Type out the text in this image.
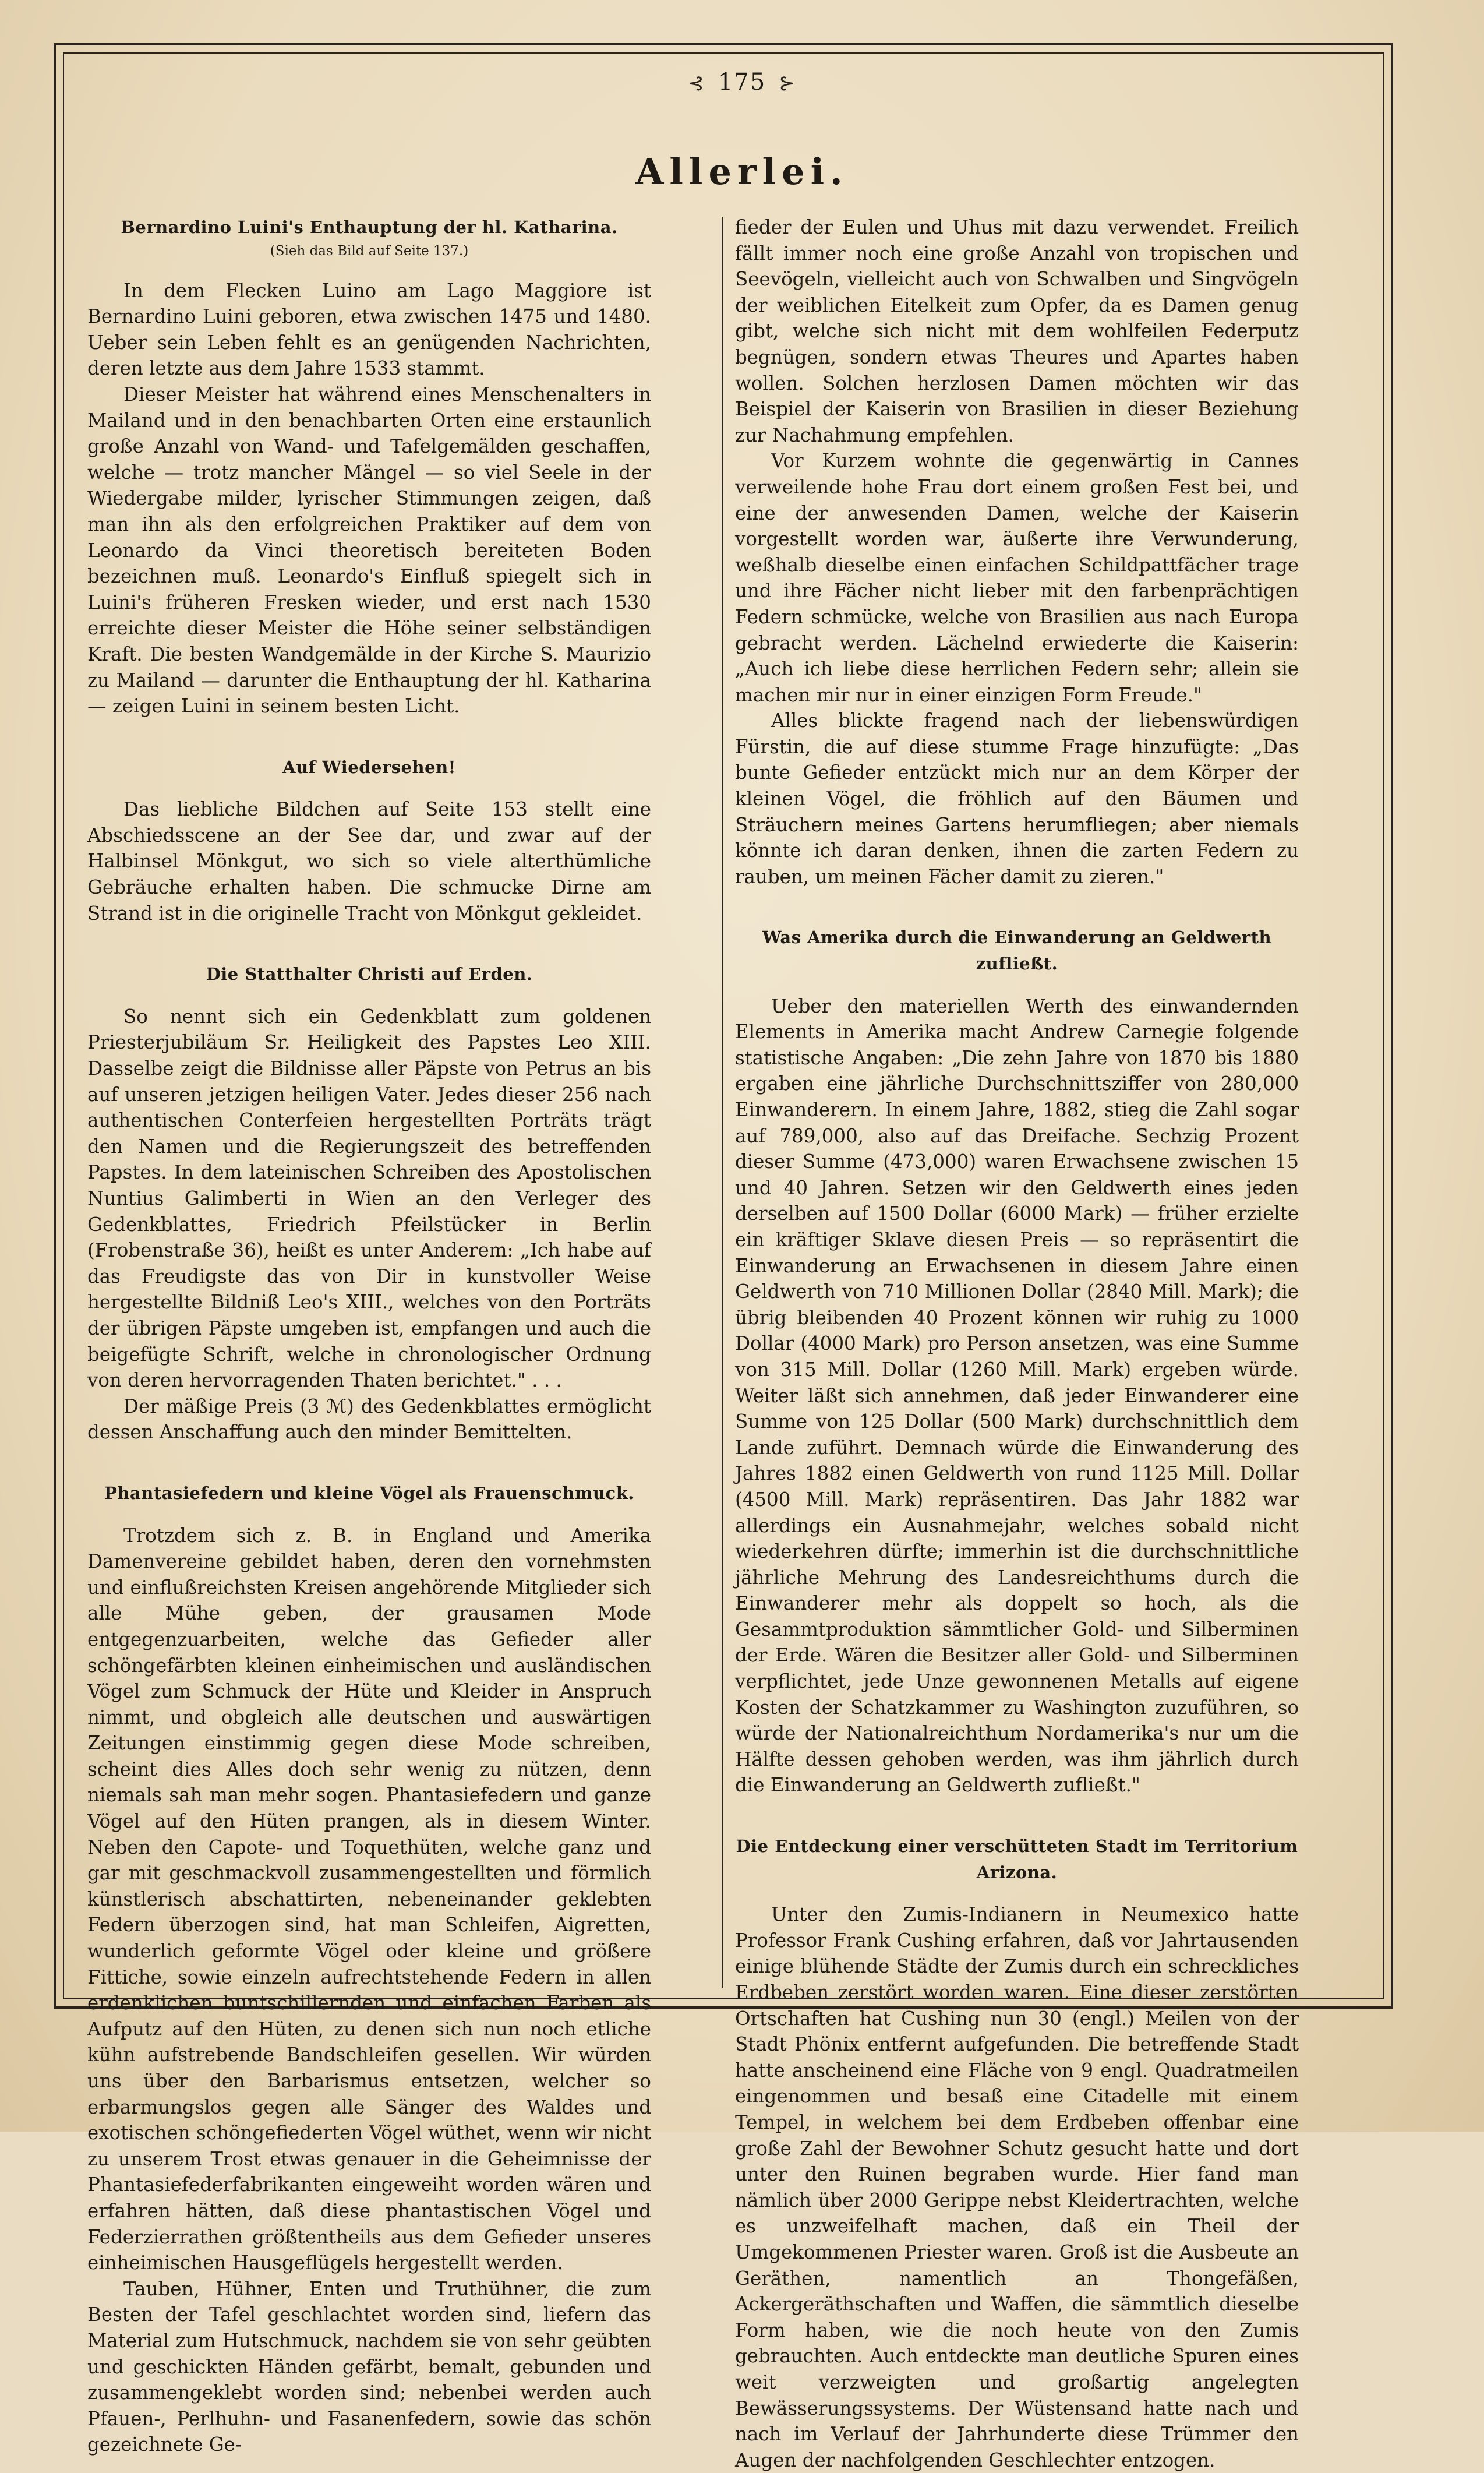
⊰ 175 ⊱
Allerlei.
Bernardino Luini's Enthauptung der hl. Katharina.
(Sieh das Bild auf Seite 137.)

In dem Flecken Luino am Lago Maggiore ist Bernardino Luini geboren, etwa zwischen 1475 und 1480. Ueber sein Leben fehlt es an genügenden Nachrichten, deren letzte aus dem Jahre 1533 stammt.

Dieser Meister hat während eines Menschenalters in Mailand und in den benachbarten Orten eine erstaunlich große Anzahl von Wand- und Tafelgemälden geschaffen, welche — trotz mancher Mängel — so viel Seele in der Wiedergabe milder, lyrischer Stimmungen zeigen, daß man ihn als den erfolgreichen Praktiker auf dem von Leonardo da Vinci theoretisch bereiteten Boden bezeichnen muß. Leonardo's Einfluß spiegelt sich in Luini's früheren Fresken wieder, und erst nach 1530 erreichte dieser Meister die Höhe seiner selbständigen Kraft. Die besten Wandgemälde in der Kirche S. Maurizio zu Mailand — darunter die Enthauptung der hl. Katharina — zeigen Luini in seinem besten Licht.

Auf Wiedersehen!

Das liebliche Bildchen auf Seite 153 stellt eine Abschiedsscene an der See dar, und zwar auf der Halbinsel Mönkgut, wo sich so viele alterthümliche Gebräuche erhalten haben. Die schmucke Dirne am Strand ist in die originelle Tracht von Mönkgut gekleidet.

Die Statthalter Christi auf Erden.

So nennt sich ein Gedenkblatt zum goldenen Priesterjubiläum Sr. Heiligkeit des Papstes Leo XIII. Dasselbe zeigt die Bildnisse aller Päpste von Petrus an bis auf unseren jetzigen heiligen Vater. Jedes dieser 256 nach authentischen Conterfeien hergestellten Porträts trägt den Namen und die Regierungszeit des betreffenden Papstes. In dem lateinischen Schreiben des Apostolischen Nuntius Galimberti in Wien an den Verleger des Gedenkblattes, Friedrich Pfeilstücker in Berlin (Frobenstraße 36), heißt es unter Anderem: „Ich habe auf das Freudigste das von Dir in kunstvoller Weise hergestellte Bildniß Leo's XIII., welches von den Porträts der übrigen Päpste umgeben ist, empfangen und auch die beigefügte Schrift, welche in chronologischer Ordnung von deren hervorragenden Thaten berichtet." . . .

Der mäßige Preis (3 ℳ) des Gedenkblattes ermöglicht dessen Anschaffung auch den minder Bemittelten.

Phantasiefedern und kleine Vögel als Frauenschmuck.

Trotzdem sich z. B. in England und Amerika Damenvereine gebildet haben, deren den vornehmsten und einflußreichsten Kreisen angehörende Mitglieder sich alle Mühe geben, der grausamen Mode entgegenzuarbeiten, welche das Gefieder aller schöngefärbten kleinen einheimischen und ausländischen Vögel zum Schmuck der Hüte und Kleider in Anspruch nimmt, und obgleich alle deutschen und auswärtigen Zeitungen einstimmig gegen diese Mode schreiben, scheint dies Alles doch sehr wenig zu nützen, denn niemals sah man mehr sogen. Phantasiefedern und ganze Vögel auf den Hüten prangen, als in diesem Winter. Neben den Capote- und Toquethüten, welche ganz und gar mit geschmackvoll zusammengestellten und förmlich künstlerisch abschattirten, nebeneinander geklebten Federn überzogen sind, hat man Schleifen, Aigretten, wunderlich geformte Vögel oder kleine und größere Fittiche, sowie einzeln aufrechtstehende Federn in allen erdenklichen buntschillernden und einfachen Farben als Aufputz auf den Hüten, zu denen sich nun noch etliche kühn aufstrebende Bandschleifen gesellen. Wir würden uns über den Barbarismus entsetzen, welcher so erbarmungslos gegen alle Sänger des Waldes und exotischen schöngefiederten Vögel wüthet, wenn wir nicht zu unserem Trost etwas genauer in die Geheimnisse der Phantasiefederfabrikanten eingeweiht worden wären und erfahren hätten, daß diese phantastischen Vögel und Federzierrathen größtentheils aus dem Gefieder unseres einheimischen Hausgeflügels hergestellt werden.

Tauben, Hühner, Enten und Truthühner, die zum Besten der Tafel geschlachtet worden sind, liefern das Material zum Hutschmuck, nachdem sie von sehr geübten und geschickten Händen gefärbt, bemalt, gebunden und zusammengeklebt worden sind; nebenbei werden auch Pfauen-, Perlhuhn- und Fasanenfedern, sowie das schön gezeichnete Ge-

fieder der Eulen und Uhus mit dazu verwendet. Freilich fällt immer noch eine große Anzahl von tropischen und Seevögeln, vielleicht auch von Schwalben und Singvögeln der weiblichen Eitelkeit zum Opfer, da es Damen genug gibt, welche sich nicht mit dem wohlfeilen Federputz begnügen, sondern etwas Theures und Apartes haben wollen. Solchen herzlosen Damen möchten wir das Beispiel der Kaiserin von Brasilien in dieser Beziehung zur Nachahmung empfehlen.

Vor Kurzem wohnte die gegenwärtig in Cannes verweilende hohe Frau dort einem großen Fest bei, und eine der anwesenden Damen, welche der Kaiserin vorgestellt worden war, äußerte ihre Verwunderung, weßhalb dieselbe einen einfachen Schildpattfächer trage und ihre Fächer nicht lieber mit den farbenprächtigen Federn schmücke, welche von Brasilien aus nach Europa gebracht werden. Lächelnd erwiederte die Kaiserin: „Auch ich liebe diese herrlichen Federn sehr; allein sie machen mir nur in einer einzigen Form Freude."

Alles blickte fragend nach der liebenswürdigen Fürstin, die auf diese stumme Frage hinzufügte: „Das bunte Gefieder entzückt mich nur an dem Körper der kleinen Vögel, die fröhlich auf den Bäumen und Sträuchern meines Gartens herumfliegen; aber niemals könnte ich daran denken, ihnen die zarten Federn zu rauben, um meinen Fächer damit zu zieren."

Was Amerika durch die Einwanderung an Geldwerth zufließt.

Ueber den materiellen Werth des einwandernden Elements in Amerika macht Andrew Carnegie folgende statistische Angaben: „Die zehn Jahre von 1870 bis 1880 ergaben eine jährliche Durchschnittsziffer von 280,000 Einwanderern. In einem Jahre, 1882, stieg die Zahl sogar auf 789,000, also auf das Dreifache. Sechzig Prozent dieser Summe (473,000) waren Erwachsene zwischen 15 und 40 Jahren. Setzen wir den Geldwerth eines jeden derselben auf 1500 Dollar (6000 Mark) — früher erzielte ein kräftiger Sklave diesen Preis — so repräsentirt die Einwanderung an Erwachsenen in diesem Jahre einen Geldwerth von 710 Millionen Dollar (2840 Mill. Mark); die übrig bleibenden 40 Prozent können wir ruhig zu 1000 Dollar (4000 Mark) pro Person ansetzen, was eine Summe von 315 Mill. Dollar (1260 Mill. Mark) ergeben würde. Weiter läßt sich annehmen, daß jeder Einwanderer eine Summe von 125 Dollar (500 Mark) durchschnittlich dem Lande zuführt. Demnach würde die Einwanderung des Jahres 1882 einen Geldwerth von rund 1125 Mill. Dollar (4500 Mill. Mark) repräsentiren. Das Jahr 1882 war allerdings ein Ausnahmejahr, welches sobald nicht wiederkehren dürfte; immerhin ist die durchschnittliche jährliche Mehrung des Landesreichthums durch die Einwanderer mehr als doppelt so hoch, als die Gesammtproduktion sämmtlicher Gold- und Silberminen der Erde. Wären die Besitzer aller Gold- und Silberminen verpflichtet, jede Unze gewonnenen Metalls auf eigene Kosten der Schatzkammer zu Washington zuzuführen, so würde der Nationalreichthum Nordamerika's nur um die Hälfte dessen gehoben werden, was ihm jährlich durch die Einwanderung an Geldwerth zufließt."

Die Entdeckung einer verschütteten Stadt im Territorium Arizona.

Unter den Zumis-Indianern in Neumexico hatte Professor Frank Cushing erfahren, daß vor Jahrtausenden einige blühende Städte der Zumis durch ein schreckliches Erdbeben zerstört worden waren. Eine dieser zerstörten Ortschaften hat Cushing nun 30 (engl.) Meilen von der Stadt Phönix entfernt aufgefunden. Die betreffende Stadt hatte anscheinend eine Fläche von 9 engl. Quadratmeilen eingenommen und besaß eine Citadelle mit einem Tempel, in welchem bei dem Erdbeben offenbar eine große Zahl der Bewohner Schutz gesucht hatte und dort unter den Ruinen begraben wurde. Hier fand man nämlich über 2000 Gerippe nebst Kleidertrachten, welche es unzweifelhaft machen, daß ein Theil der Umgekommenen Priester waren. Groß ist die Ausbeute an Geräthen, namentlich an Thongefäßen, Ackergeräthschaften und Waffen, die sämmtlich dieselbe Form haben, wie die noch heute von den Zumis gebrauchten. Auch entdeckte man deutliche Spuren eines weit verzweigten und großartig angelegten Bewässerungssystems. Der Wüstensand hatte nach und nach im Verlauf der Jahrhunderte diese Trümmer den Augen der nachfolgenden Geschlechter entzogen.
